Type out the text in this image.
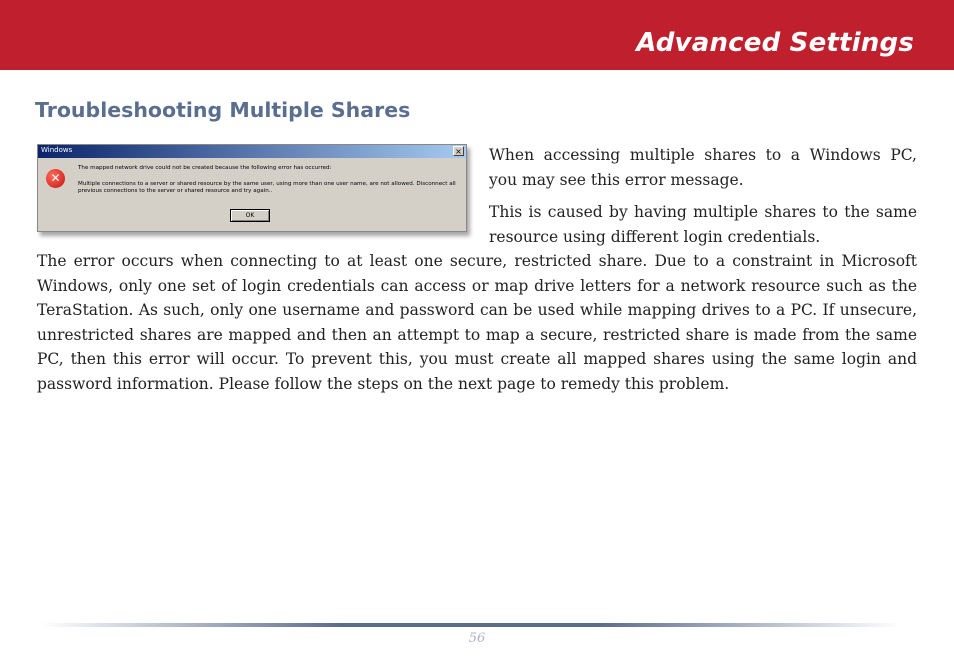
Advanced Settings
Troubleshooting Multiple Shares
Windows	×
✕
The mapped network drive could not be created because the following error has occurred:
Multiple connections to a server or shared resource by the same user, using more than one user name, are not allowed. Disconnect all previous connections to the server or shared resource and try again..
OK

When accessing multiple shares to a Windows PC, you may see this error message.

This is caused by having multiple shares to the same resource using different login credentials.

The error occurs when connecting to at least one secure, restricted share. Due to a constraint in Microsoft Windows, only one set of login credentials can access or map drive letters for a network resource such as the TeraStation. As such, only one username and password can be used while mapping drives to a PC. If unsecure, unrestricted shares are mapped and then an attempt to map a secure, restricted share is made from the same PC, then this error will occur. To prevent this, you must create all mapped shares using the same login and password information. Please follow the steps on the next page to remedy this problem.

56
